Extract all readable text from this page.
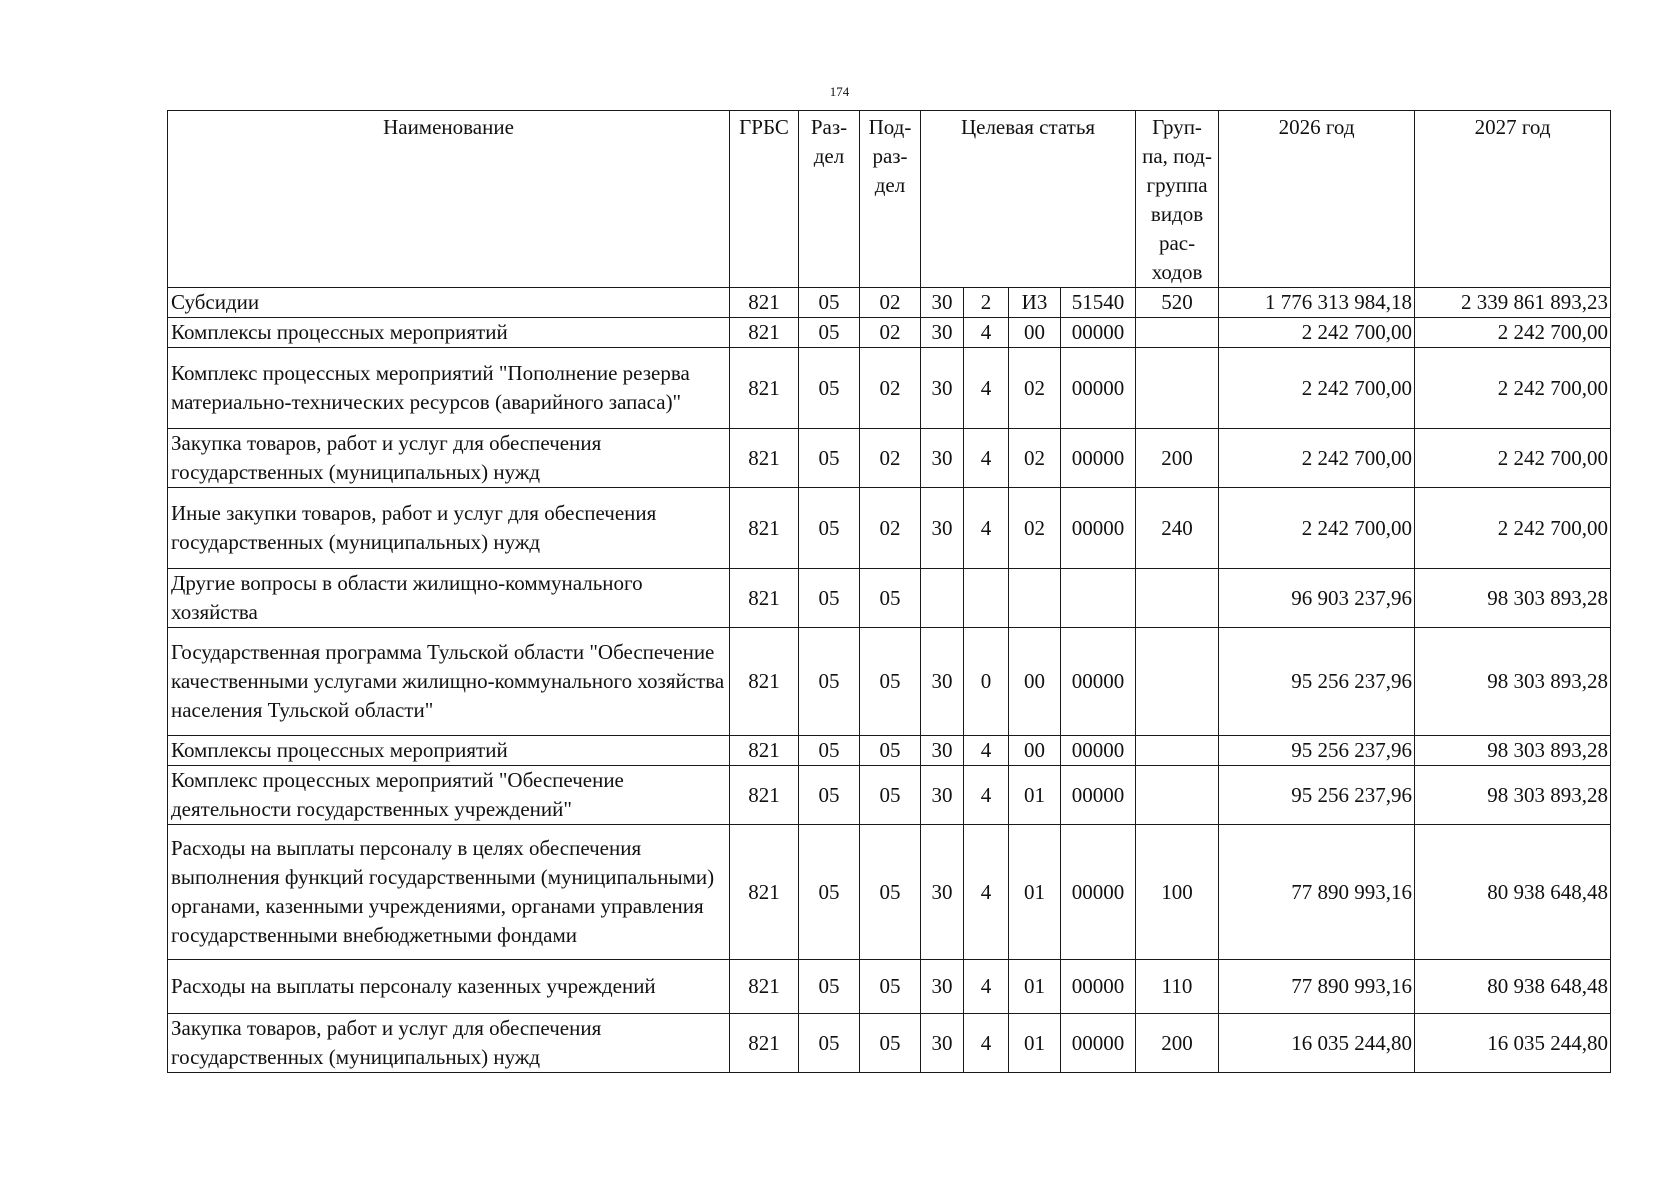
174
Наименование	ГРБС	Раз- дел	Под- раз- дел	Целевая статья				Груп- па, под- группа видов рас- ходов	2026 год	2027 год
Субсидии	821	05	02	30	2	И3	51540	520	1 776 313 984,18	2 339 861 893,23
Комплексы процессных мероприятий	821	05	02	30	4	00	00000		2 242 700,00	2 242 700,00
Комплекс процессных мероприятий "Пополнение резерва материально-технических ресурсов (аварийного запаса)"	821	05	02	30	4	02	00000		2 242 700,00	2 242 700,00
Закупка товаров, работ и услуг для обеспечения государственных (муниципальных) нужд	821	05	02	30	4	02	00000	200	2 242 700,00	2 242 700,00
Иные закупки товаров, работ и услуг для обеспечения государственных (муниципальных) нужд	821	05	02	30	4	02	00000	240	2 242 700,00	2 242 700,00
Другие вопросы в области жилищно-коммунального хозяйства	821	05	05						96 903 237,96	98 303 893,28
Государственная программа Тульской области "Обеспечение качественными услугами жилищно-коммунального хозяйства населения Тульской области"	821	05	05	30	0	00	00000		95 256 237,96	98 303 893,28
Комплексы процессных мероприятий	821	05	05	30	4	00	00000		95 256 237,96	98 303 893,28
Комплекс процессных мероприятий "Обеспечение деятельности государственных учреждений"	821	05	05	30	4	01	00000		95 256 237,96	98 303 893,28
Расходы на выплаты персоналу в целях обеспечения выполнения функций государственными (муниципальными) органами, казенными учреждениями, органами управления государственными внебюджетными фондами	821	05	05	30	4	01	00000	100	77 890 993,16	80 938 648,48
Расходы на выплаты персоналу казенных учреждений	821	05	05	30	4	01	00000	110	77 890 993,16	80 938 648,48
Закупка товаров, работ и услуг для обеспечения государственных (муниципальных) нужд	821	05	05	30	4	01	00000	200	16 035 244,80	16 035 244,80
